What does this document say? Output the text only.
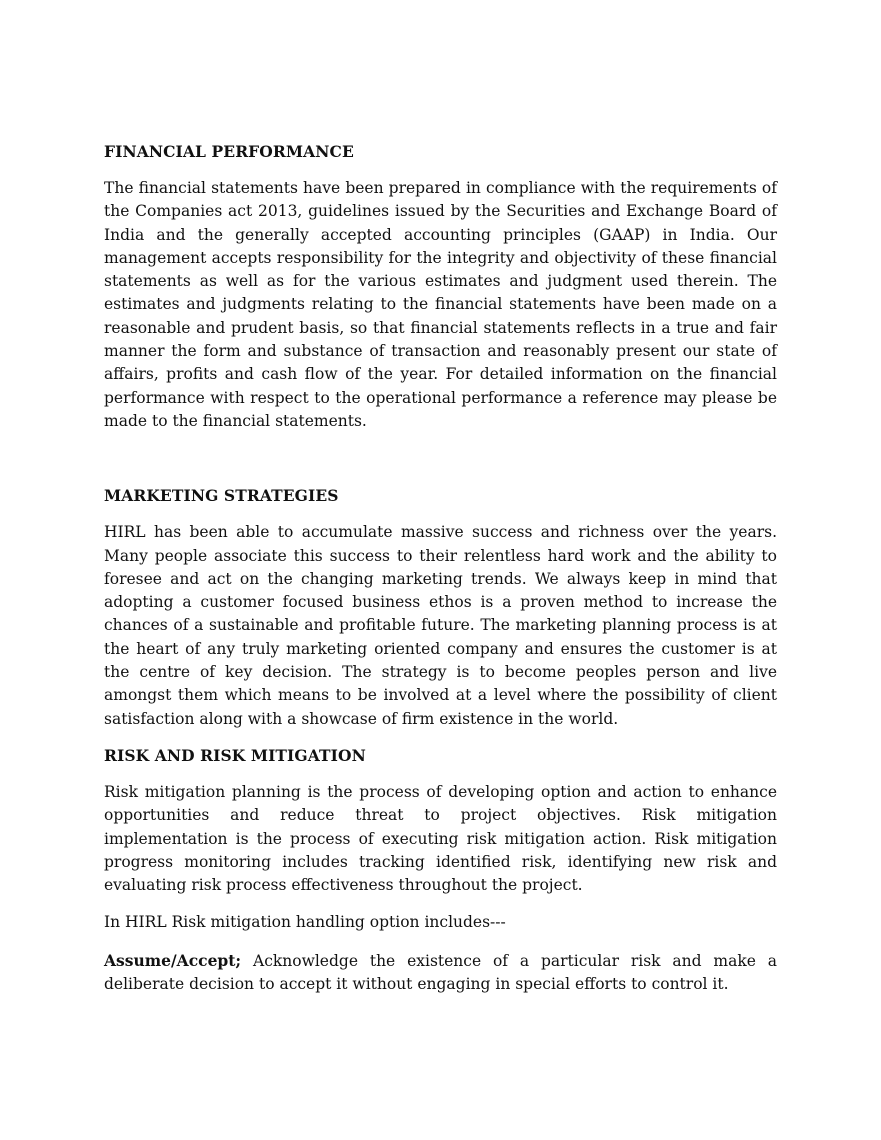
FINANCIAL PERFORMANCE

The financial statements have been prepared in compliance with the requirements of the Companies act 2013, guidelines issued by the Securities and Exchange Board of India and the generally accepted accounting principles (GAAP) in India. Our management accepts responsibility for the integrity and objectivity of these financial statements as well as for the various estimates and judgment used therein. The estimates and judgments relating to the financial statements have been made on a reasonable and prudent basis, so that financial statements reflects in a true and fair manner the form and substance of transaction and reasonably present our state of affairs, profits and cash flow of the year. For detailed information on the financial performance with respect to the operational performance a reference may please be made to the financial statements.

MARKETING STRATEGIES

HIRL has been able to accumulate massive success and richness over the years. Many people associate this success to their relentless hard work and the ability to foresee and act on the changing marketing trends. We always keep in mind that adopting a customer focused business ethos is a proven method to increase the chances of a sustainable and profitable future. The marketing planning process is at the heart of any truly marketing oriented company and ensures the customer is at the centre of key decision. The strategy is to become peoples person and live amongst them which means to be involved at a level where the possibility of client satisfaction along with a showcase of firm existence in the world.

RISK AND RISK MITIGATION

Risk mitigation planning is the process of developing option and action to enhance opportunities and reduce threat to project objectives. Risk mitigation implementation is the process of executing risk mitigation action. Risk mitigation progress monitoring includes tracking identified risk, identifying new risk and evaluating risk process effectiveness throughout the project.

In HIRL Risk mitigation handling option includes---

Assume/Accept; Acknowledge the existence of a particular risk and make a deliberate decision to accept it without engaging in special efforts to control it.
